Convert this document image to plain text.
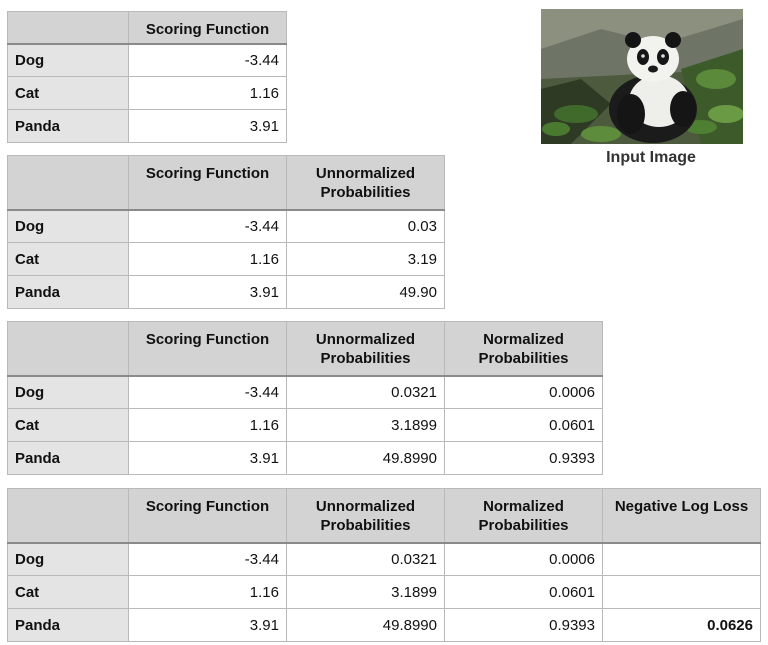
	Scoring Function
Dog	-3.44
Cat	1.16
Panda	3.91
	Scoring Function	Unnormalized Probabilities
Dog	-3.44	0.03
Cat	1.16	3.19
Panda	3.91	49.90
	Scoring Function	Unnormalized Probabilities	Normalized Probabilities
Dog	-3.44	0.0321	0.0006
Cat	1.16	3.1899	0.0601
Panda	3.91	49.8990	0.9393
	Scoring Function	Unnormalized Probabilities	Normalized Probabilities	Negative Log Loss
Dog	-3.44	0.0321	0.0006	
Cat	1.16	3.1899	0.0601	
Panda	3.91	49.8990	0.9393	0.0626
Input Image
